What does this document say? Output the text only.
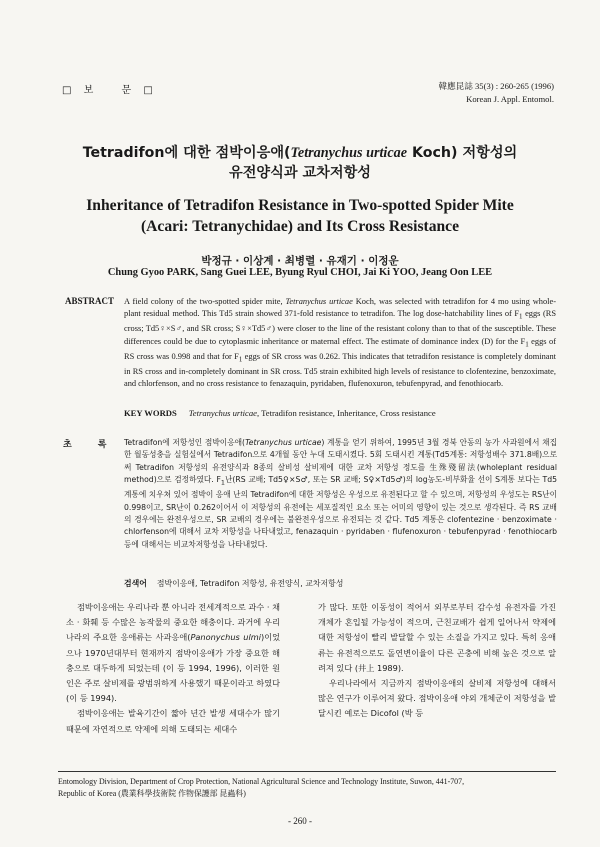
□ 보	문 □	韓應昆誌 35(3) : 260-265 (1996)
Korean J. Appl. Entomol.
Tetradifon에 대한 점박이응애(Tetranychus urticae Koch) 저항성의
유전양식과 교차저항성
Inheritance of Tetradifon Resistance in Two-spotted Spider Mite
(Acari: Tetranychidae) and Its Cross Resistance
박정규 · 이상계 · 최병렬 · 유재기 · 이정운
Chung Gyoo PARK, Sang Guei LEE, Byung Ryul CHOI, Jai Ki YOO, Jeang Oon LEE
ABSTRACT A field colony of the two-spotted spider mite, Tetranychus urticae Koch, was selected with tetradifon for 4 mo using whole-plant residual method. This Td5 strain showed 371-fold resistance to tetradifon. The log dose-hatchability lines of $F_1$ eggs (RS cross; Td5♀×S♂, and SR cross; S♀×Td5♂) were closer to the line of the resistant colony than to that of the susceptible. These differences could be due to cytoplasmic inheritance or maternal effect. The estimate of dominance index (D) for the $F_1$ eggs of RS cross was 0.998 and that for $F_1$ eggs of SR cross was 0.262. This indicates that tetradifon resistance is completely dominant in RS cross and in-completely dominant in SR cross. Td5 strain exhibited high levels of resistance to clofentezine, benzoximate, and chlorfenson, and no cross resistance to fenazaquin, pyridaben, flufenoxuron, tebufenpyrad, and fenothiocarb.
KEY WORDS Tetranychus urticae, Tetradifon resistance, Inheritance, Cross resistance
초	록 Tetradifon에 저항성인 점박이응애(Tetranychus urticae) 계통을 얻기 위하여, 1995년 3월 경북 안동의 농가 사과원에서 채집한 월동성충을 실험실에서 Tetradifon으로 4개월 동안 누대 도태시켰다. 5회 도태시킨 계통(Td5계통: 저항성배수 371.8배)으로써 Tetradifon 저항성의 유전양식과 8종의 살비성 살비제에 대한 교차 저항성 정도를 生殊殘留法(wholeplant residual method)으로 검정하였다. $F_1$난(RS 교배; Td5♀×S♂, 또는 SR 교배; S♀×Td5♂)의 log농도-비부화율 선이 S계통 보다는 Td5계통에 치우쳐 있어 점박이 응애 난의 Tetradifon에 대한 저항성은 우성으로 유전된다고 할 수 있으며, 저항성의 우성도는 RS난이 0.998이고, SR난이 0.262이어서 이 저항성의 유전에는 세포질적인 요소 또는 어미의 영향이 있는 것으로 생각된다. 즉 RS 교배의 경우에는 완전우성으로, SR 교배의 경우에는 불완전우성으로 유전되는 것 같다. Td5 계통은 clofentezine · benzoximate · chlorfenson에 대해서 교차 저항성을 나타내었고, fenazaquin · pyridaben · flufenoxuron · tebufenpyrad · fenothiocarb 등에 대해서는 비교차저항성을 나타내었다.
검색어 점박이응애, Tetradifon 저항성, 유전양식, 교차저항성

점박이응애는 우리나라 뿐 아니라 전세계적으로 과수 · 채소 · 화훼 등 수많은 농작물의 중요한 해충이다. 과거에 우리나라의 주요한 응애류는 사과응애(Panonychus ulmi)이었으나 1970년대부터 현재까지 점박이응애가 가장 중요한 해충으로 대두하게 되었는데 (이 등 1994, 1996), 이러한 원인은 주로 살비제를 광범위하게 사용했기 때문이라고 하였다 (이 등 1994).

점박이응애는 발육기간이 짧아 년간 발생 세대수가 많기 때문에 자연적으로 약제에 의해 도태되는 세대수

가 많다. 또한 이동성이 적어서 외부로부터 감수성 유전자를 가진 개체가 혼입될 가능성이 적으며, 근친교배가 쉽게 일어나서 약제에 대한 저항성이 빨리 발달할 수 있는 소질을 가지고 있다. 특히 응애류는 유전적으로도 돌연변이율이 다른 곤충에 비해 높은 것으로 알려져 있다 (井上 1989).

우리나라에서 지금까지 점박이응애의 살비제 저항성에 대해서 많은 연구가 이루어져 왔다. 점박이응애 야외 개체군이 저항성을 발달시킨 예로는 Dicofol (박 등

Entomology Division, Department of Crop Protection, National Agricultural Science and Technology Institute, Suwon, 441-707,
Republic of Korea (農業科學技術院 作物保護部 昆蟲科)
- 260 -
